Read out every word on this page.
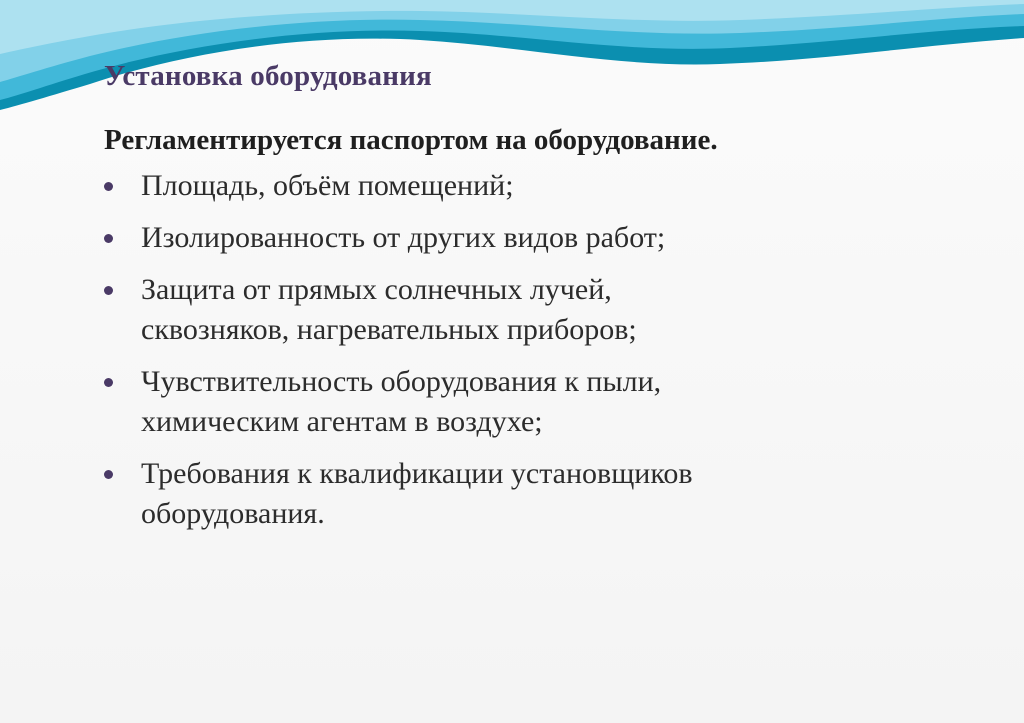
Установка оборудования

Регламентируется паспортом на оборудование.

Площадь, объём помещений;
Изолированность от других видов работ;
Защита от прямых солнечных лучей,
сквозняков, нагревательных приборов;
Чувствительность оборудования к пыли,
химическим агентам в воздухе;
Требования к квалификации установщиков
оборудования.
